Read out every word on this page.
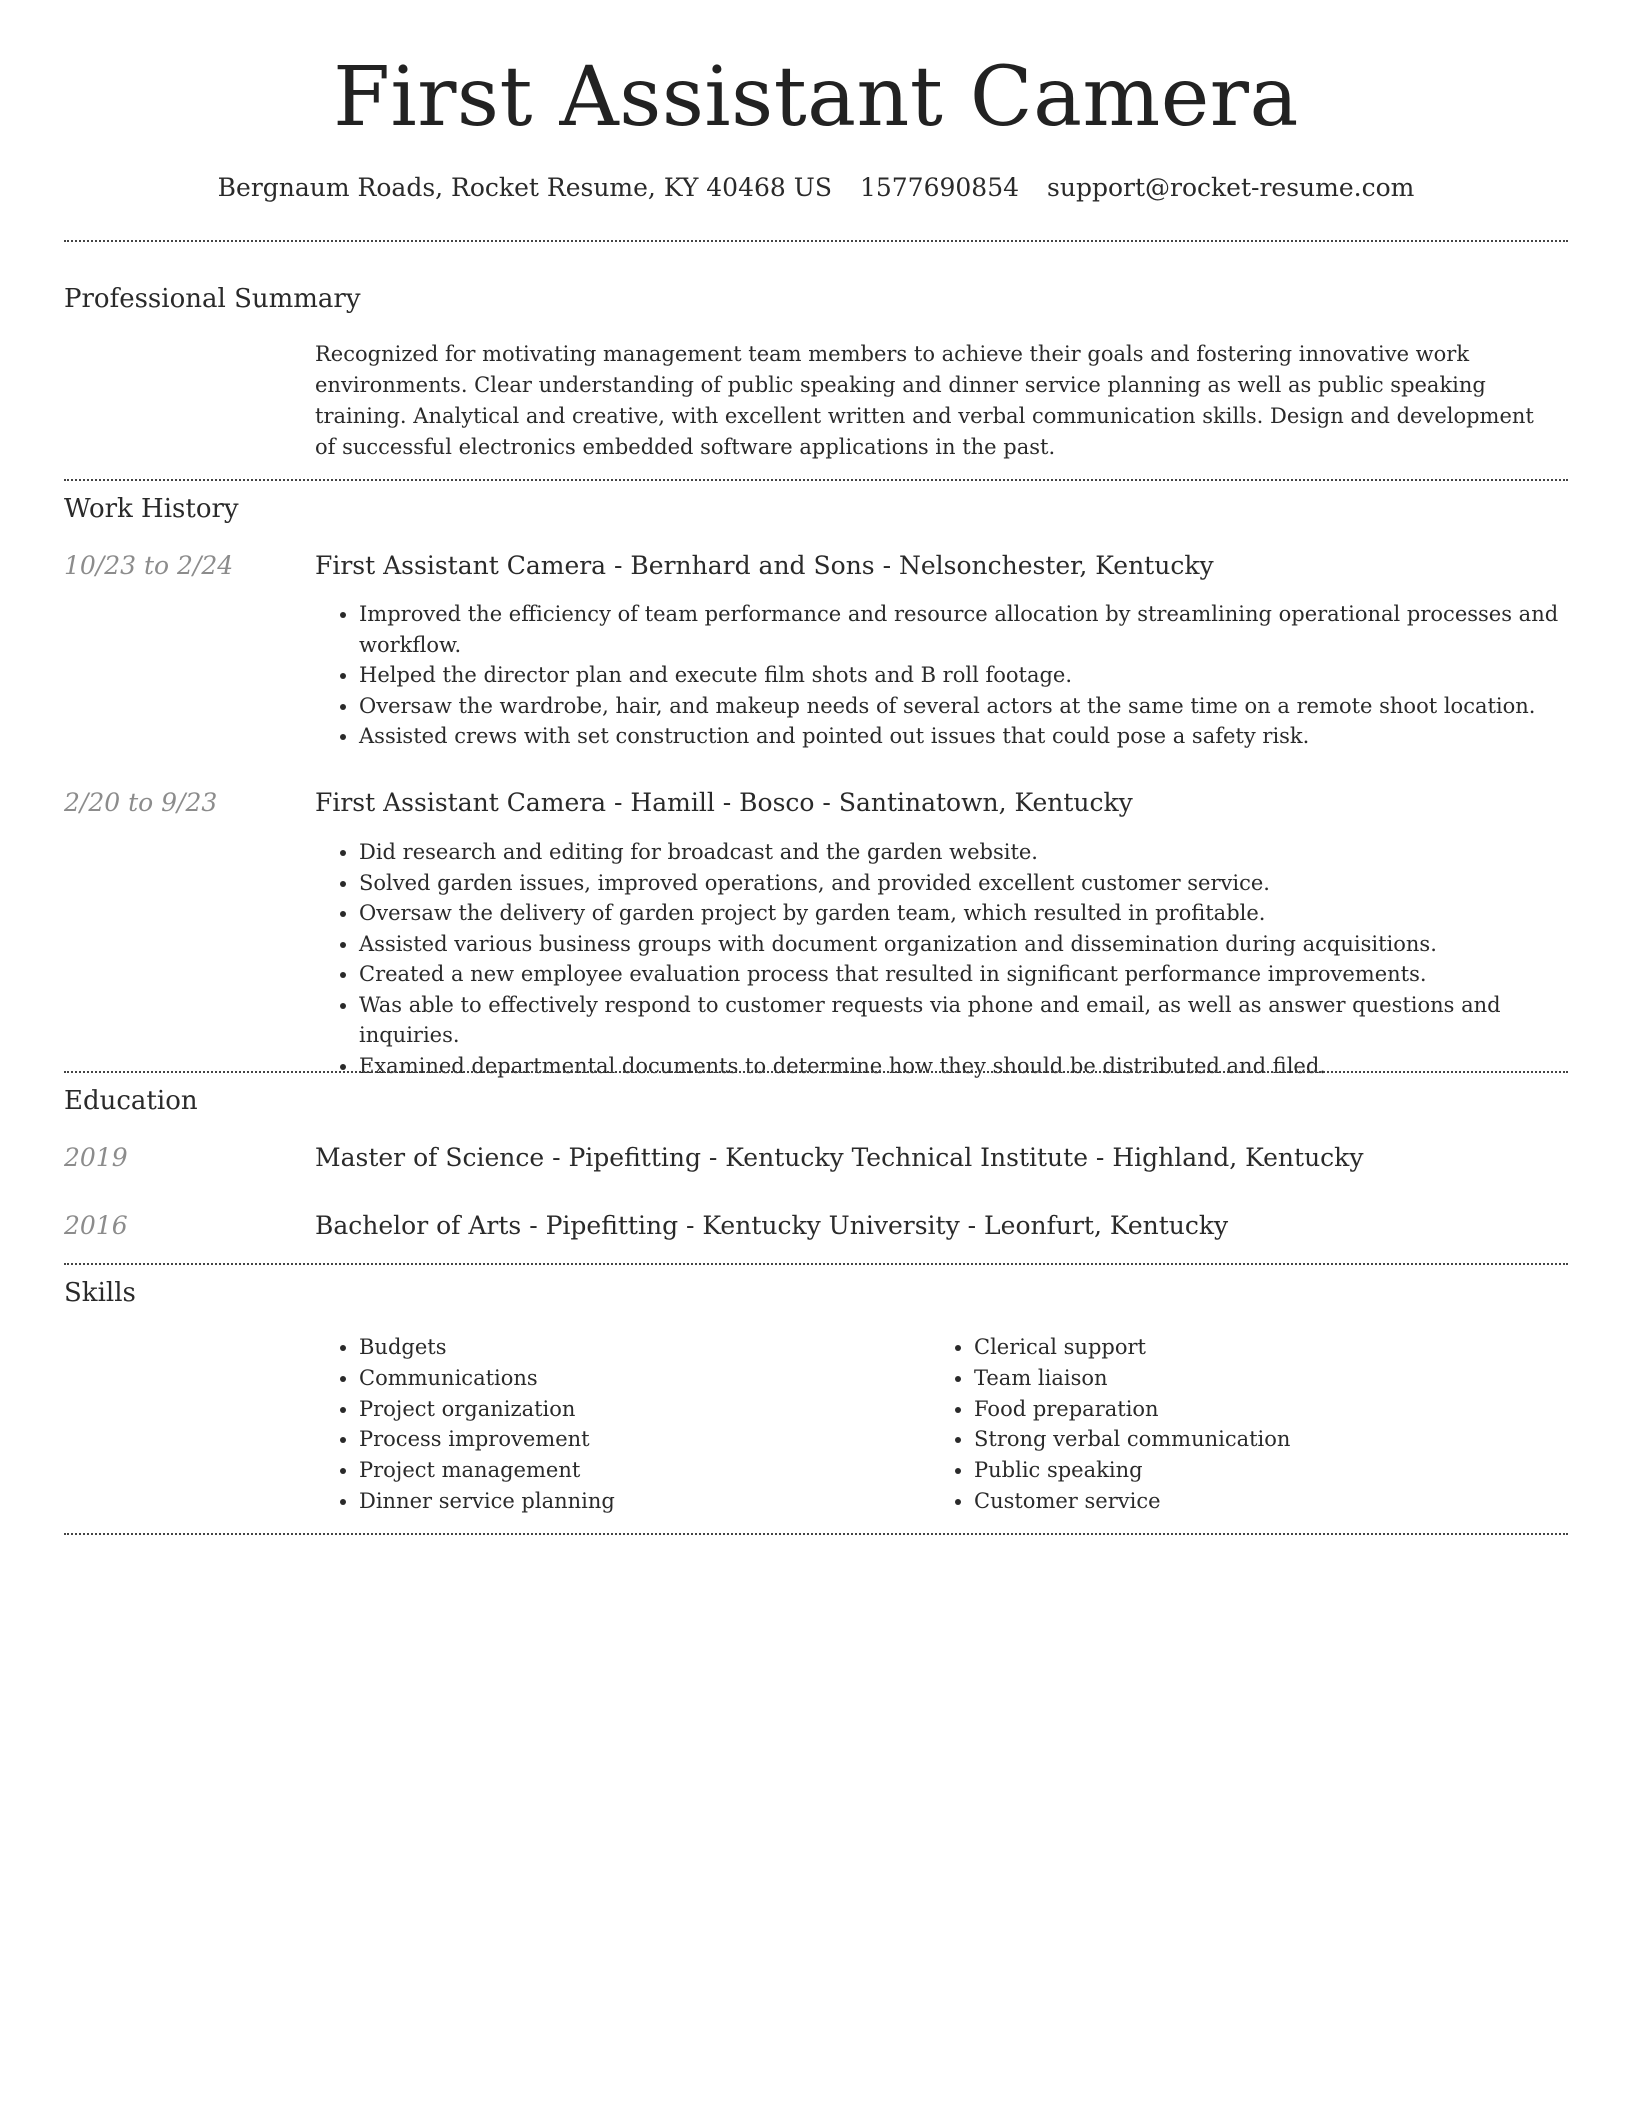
First Assistant Camera
Bergnaum Roads, Rocket Resume, KY 40468 US 1577690854 support@rocket-resume.com
Professional Summary
Recognized for motivating management team members to achieve their goals and fostering innovative work environments. Clear understanding of public speaking and dinner service planning as well as public speaking training. Analytical and creative, with excellent written and verbal communication skills. Design and development of successful electronics embedded software applications in the past.
Work History
10/23 to 2/24	First Assistant Camera - Bernhard and Sons - Nelsonchester, Kentucky
• Improved the efficiency of team performance and resource allocation by streamlining operational processes and workflow.
• Helped the director plan and execute film shots and B roll footage.
• Oversaw the wardrobe, hair, and makeup needs of several actors at the same time on a remote shoot location.
• Assisted crews with set construction and pointed out issues that could pose a safety risk.
2/20 to 9/23	First Assistant Camera - Hamill - Bosco - Santinatown, Kentucky
• Did research and editing for broadcast and the garden website.
• Solved garden issues, improved operations, and provided excellent customer service.
• Oversaw the delivery of garden project by garden team, which resulted in profitable.
• Assisted various business groups with document organization and dissemination during acquisitions.
• Created a new employee evaluation process that resulted in significant performance improvements.
• Was able to effectively respond to customer requests via phone and email, as well as answer questions and inquiries.
• Examined departmental documents to determine how they should be distributed and filed.
Education
2019	Master of Science - Pipefitting - Kentucky Technical Institute - Highland, Kentucky
2016	Bachelor of Arts - Pipefitting - Kentucky University - Leonfurt, Kentucky
Skills
• Budgets
• Communications
• Project organization
• Process improvement
• Project management
• Dinner service planning
• Clerical support
• Team liaison
• Food preparation
• Strong verbal communication
• Public speaking
• Customer service
